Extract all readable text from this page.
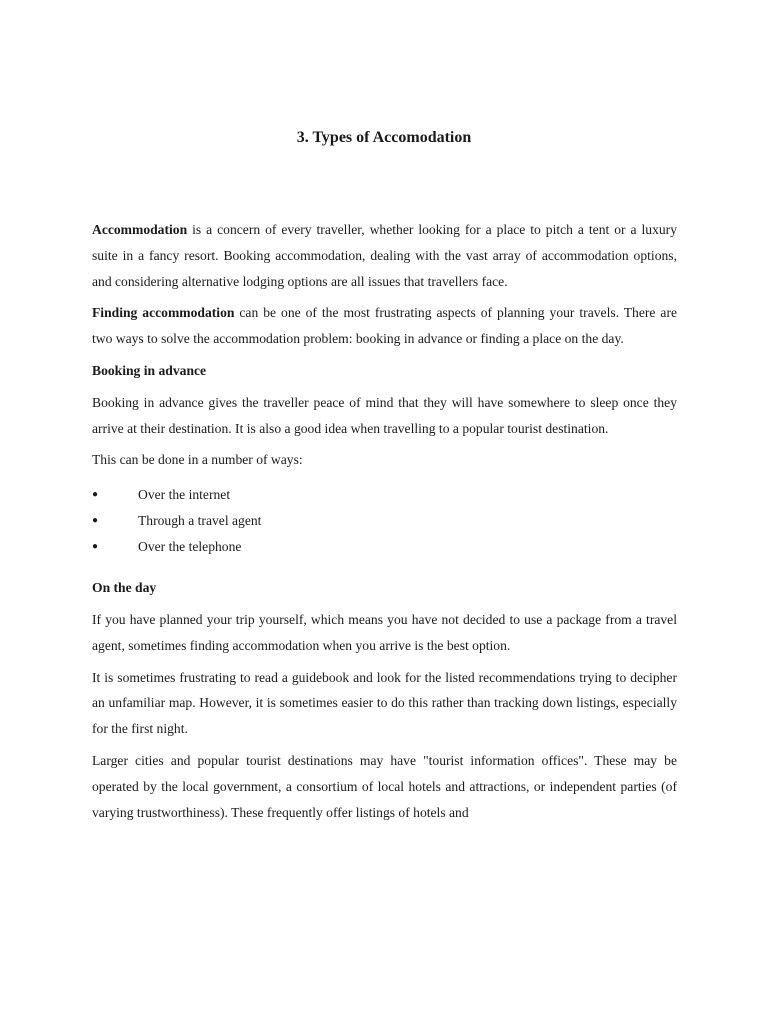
3. Types of Accomodation

Accommodation is a concern of every traveller, whether looking for a place to pitch a tent or a luxury suite in a fancy resort. Booking accommodation, dealing with the vast array of accommodation options, and considering alternative lodging options are all issues that travellers face.

Finding accommodation can be one of the most frustrating aspects of planning your travels. There are two ways to solve the accommodation problem: booking in advance or finding a place on the day.

Booking in advance

Booking in advance gives the traveller peace of mind that they will have somewhere to sleep once they arrive at their destination. It is also a good idea when travelling to a popular tourist destination.

This can be done in a number of ways:

●	Over the internet
●	Through a travel agent
●	Over the telephone

On the day

If you have planned your trip yourself, which means you have not decided to use a package from a travel agent, sometimes finding accommodation when you arrive is the best option.

It is sometimes frustrating to read a guidebook and look for the listed recommendations trying to decipher an unfamiliar map. However, it is sometimes easier to do this rather than tracking down listings, especially for the first night.

Larger cities and popular tourist destinations may have "tourist information offices". These may be operated by the local government, a consortium of local hotels and attractions, or independent parties (of varying trustworthiness). These frequently offer listings of hotels and
